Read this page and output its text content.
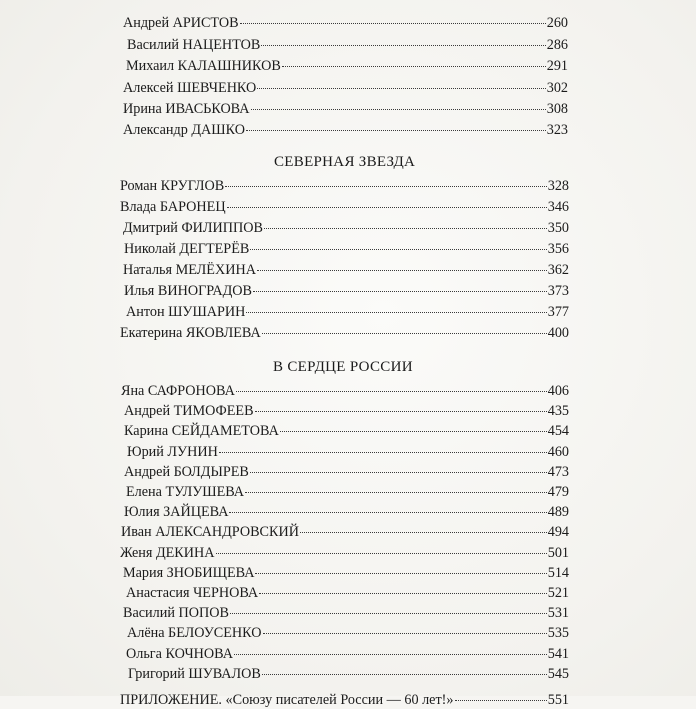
Андрей АРИСТОВ	260
Василий НАЦЕНТОВ	286
Михаил КАЛАШНИКОВ	291
Алексей ШЕВЧЕНКО	302
Ирина ИВАСЬКОВА	308
Александр ДАШКО	323
СЕВЕРНАЯ ЗВЕЗДА
Роман КРУГЛОВ	328
Влада БАРОНЕЦ	346
Дмитрий ФИЛИППОВ	350
Николай ДЕГТЕРЁВ	356
Наталья МЕЛЁХИНА	362
Илья ВИНОГРАДОВ	373
Антон ШУШАРИН	377
Екатерина ЯКОВЛЕВА	400
В СЕРДЦЕ РОССИИ
Яна САФРОНОВА	406
Андрей ТИМОФЕЕВ	435
Карина СЕЙДАМЕТОВА	454
Юрий ЛУНИН	460
Андрей БОЛДЫРЕВ	473
Елена ТУЛУШЕВА	479
Юлия ЗАЙЦЕВА	489
Иван АЛЕКСАНДРОВСКИЙ	494
Женя ДЕКИНА	501
Мария ЗНОБИЩЕВА	514
Анастасия ЧЕРНОВА	521
Василий ПОПОВ	531
Алёна БЕЛОУСЕНКО	535
Ольга КОЧНОВА	541
Григорий ШУВАЛОВ	545
ПРИЛОЖЕНИЕ. «Союзу писателей России — 60 лет!»	551
